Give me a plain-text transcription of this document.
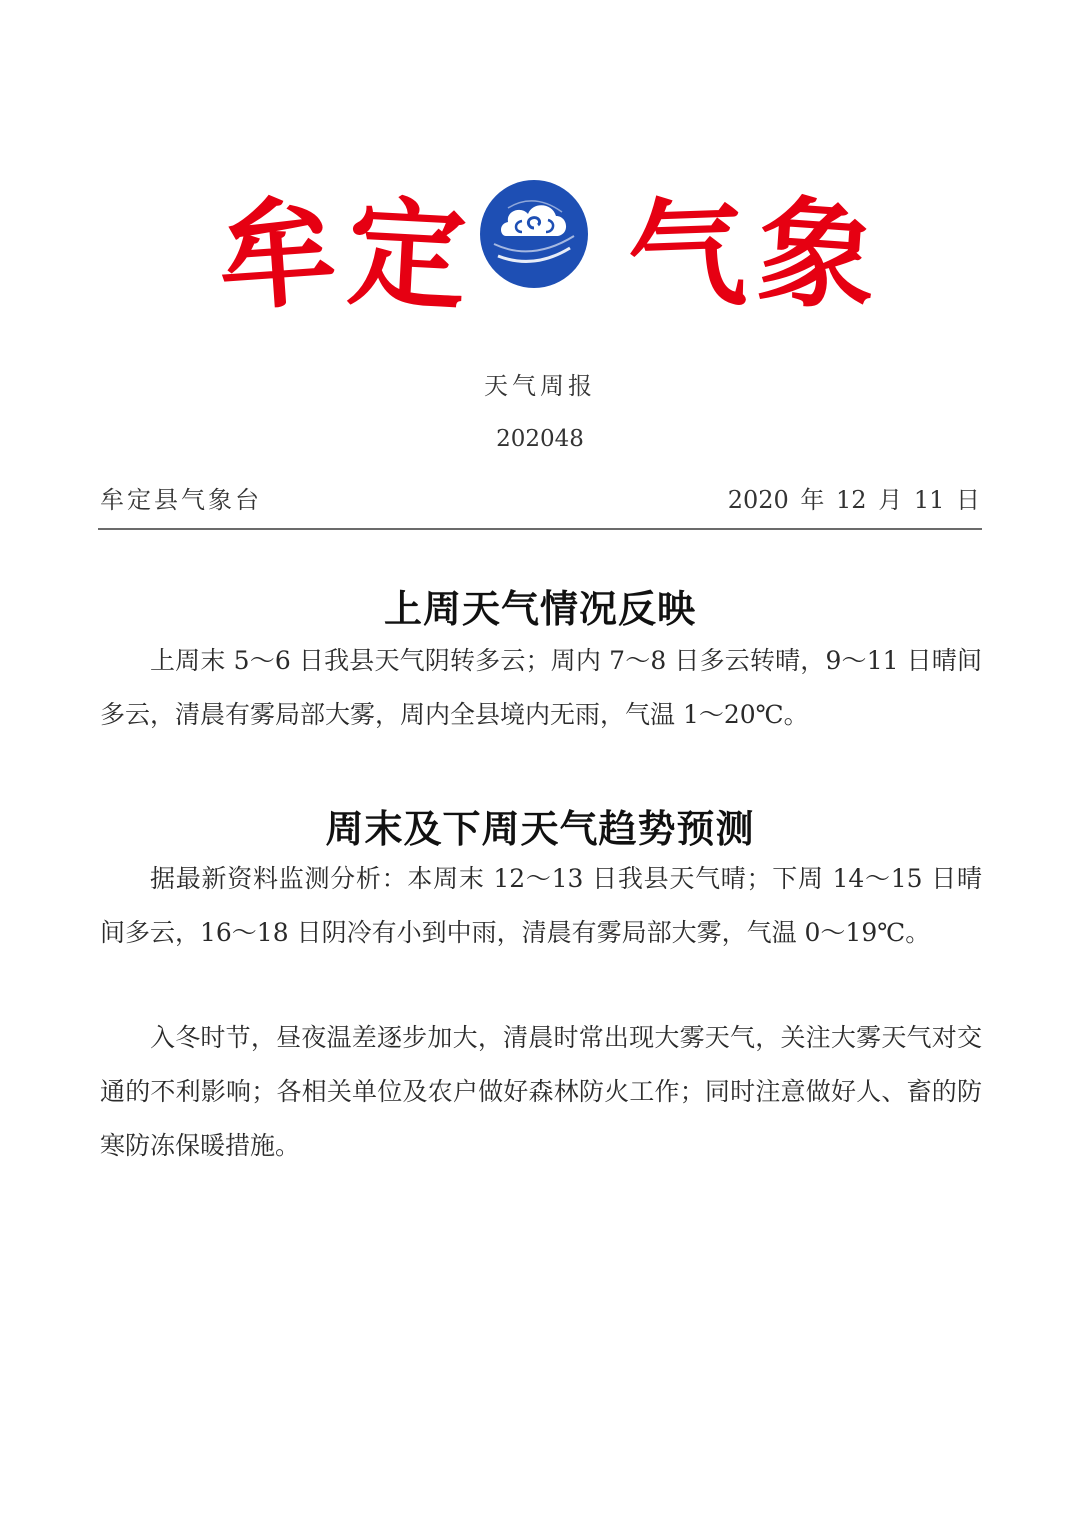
牟 定 气 象
天气周报
202048
牟定县气象台	2020 年 12 月 11 日
上周天气情况反映

上周末 5～6 日我县天气阴转多云；周内 7～8 日多云转晴，9～11 日晴间多云，清晨有雾局部大雾，周内全县境内无雨，气温 1～20℃。

周末及下周天气趋势预测

据最新资料监测分析：本周末 12～13 日我县天气晴；下周 14～15 日晴间多云，16～18 日阴冷有小到中雨，清晨有雾局部大雾，气温 0～19℃。

入冬时节，昼夜温差逐步加大，清晨时常出现大雾天气，关注大雾天气对交通的不利影响；各相关单位及农户做好森林防火工作；同时注意做好人、畜的防寒防冻保暖措施。
